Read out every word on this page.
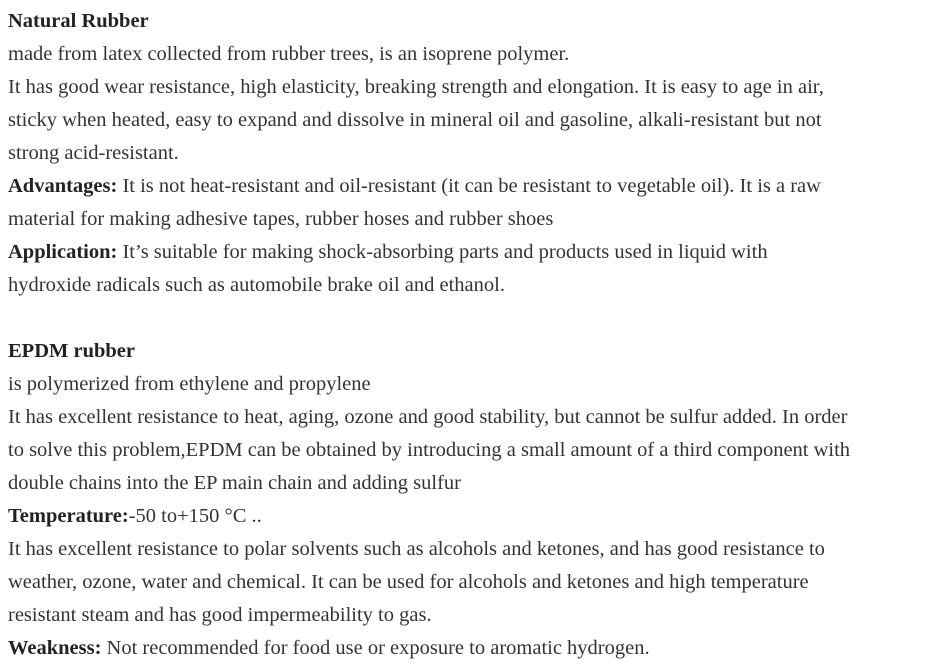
Natural Rubber
made from latex collected from rubber trees, is an isoprene polymer.
It has good wear resistance, high elasticity, breaking strength and elongation. It is easy to age in air,
sticky when heated, easy to expand and dissolve in mineral oil and gasoline, alkali-resistant but not
strong acid-resistant.
Advantages: It is not heat-resistant and oil-resistant (it can be resistant to vegetable oil). It is a raw
material for making adhesive tapes, rubber hoses and rubber shoes
Application: It’s suitable for making shock-absorbing parts and products used in liquid with
hydroxide radicals such as automobile brake oil and ethanol.
EPDM rubber
is polymerized from ethylene and propylene
It has excellent resistance to heat, aging, ozone and good stability, but cannot be sulfur added. In order
to solve this problem,EPDM can be obtained by introducing a small amount of a third component with
double chains into the EP main chain and adding sulfur
Temperature:-50 to+150 °C ..
It has excellent resistance to polar solvents such as alcohols and ketones, and has good resistance to
weather, ozone, water and chemical. It can be used for alcohols and ketones and high temperature
resistant steam and has good impermeability to gas.
Weakness: Not recommended for food use or exposure to aromatic hydrogen.
